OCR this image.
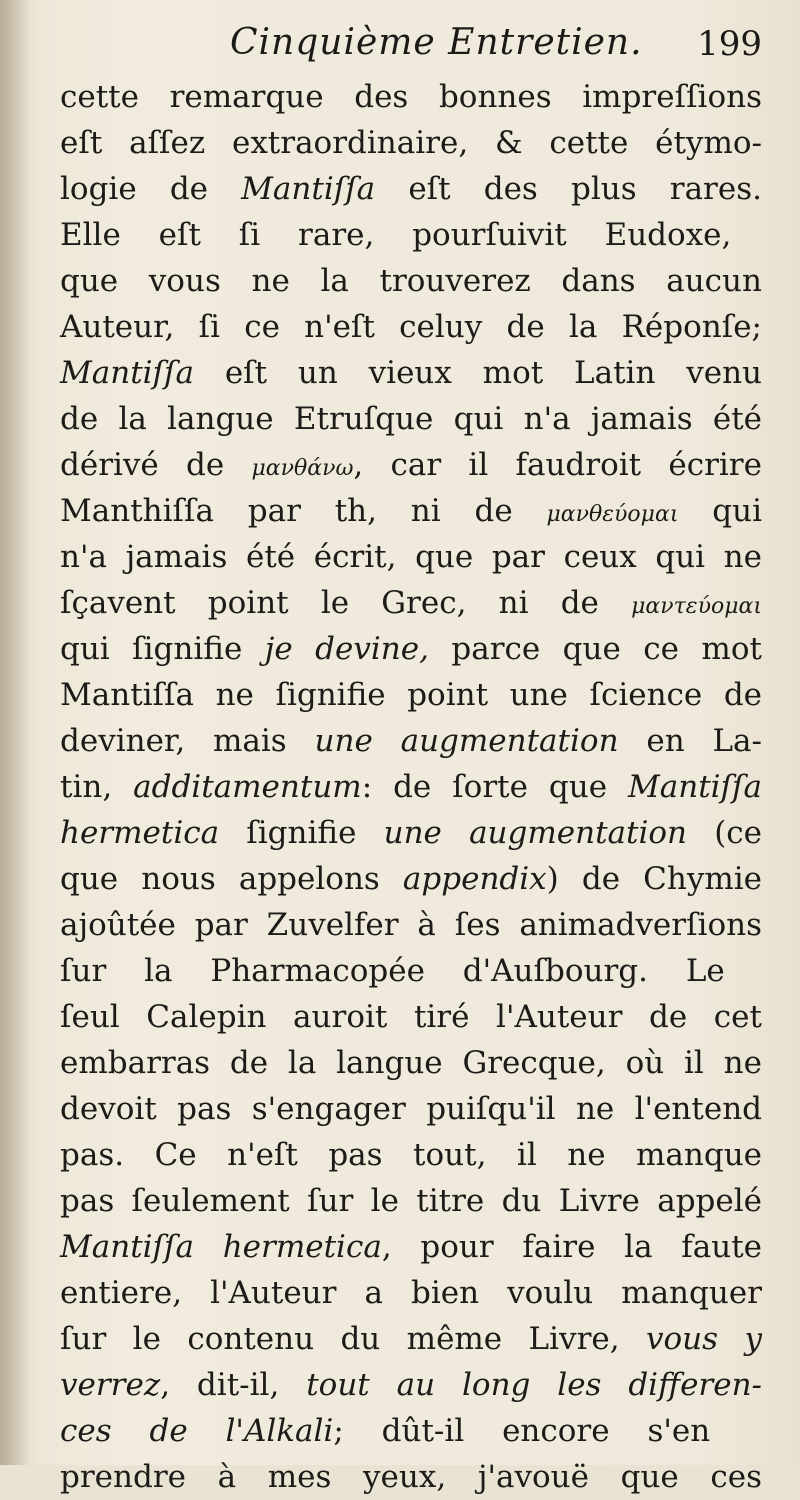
Cinquième Entretien. 199
cette remarque des bonnes impreſſions
eſt aſſez extraordinaire, & cette étymo-
logie de Mantiſſa eſt des plus rares.
Elle eſt ſi rare, pourſuivit Eudoxe,
que vous ne la trouverez dans aucun
Auteur, ſi ce n'eſt celuy de la Réponſe;
Mantiſſa eſt un vieux mot Latin venu
de la langue Etruſque qui n'a jamais été
dérivé de μανθάνω, car il faudroit écrire
Manthiſſa par th, ni de μανθεύομαι qui
n'a jamais été écrit, que par ceux qui ne
ſçavent point le Grec, ni de μαντεύομαι
qui ſignifie je devine, parce que ce mot
Mantiſſa ne ſignifie point une ſcience de
deviner, mais une augmentation en La-
tin, additamentum: de ſorte que Mantiſſa
hermetica ſignifie une augmentation (ce
que nous appelons appendix) de Chymie
ajoûtée par Zuvelfer à ſes animadverſions
ſur la Pharmacopée d'Auſbourg. Le
ſeul Calepin auroit tiré l'Auteur de cet
embarras de la langue Grecque, où il ne
devoit pas s'engager puiſqu'il ne l'entend
pas. Ce n'eſt pas tout, il ne manque
pas ſeulement ſur le titre du Livre appelé
Mantiſſa hermetica, pour faire la faute
entiere, l'Auteur a bien voulu manquer
ſur le contenu du même Livre, vous y
verrez, dit-il, tout au long les differen-
ces de l'Alkali; dût-il encore s'en
prendre à mes yeux, j'avouë que ces
